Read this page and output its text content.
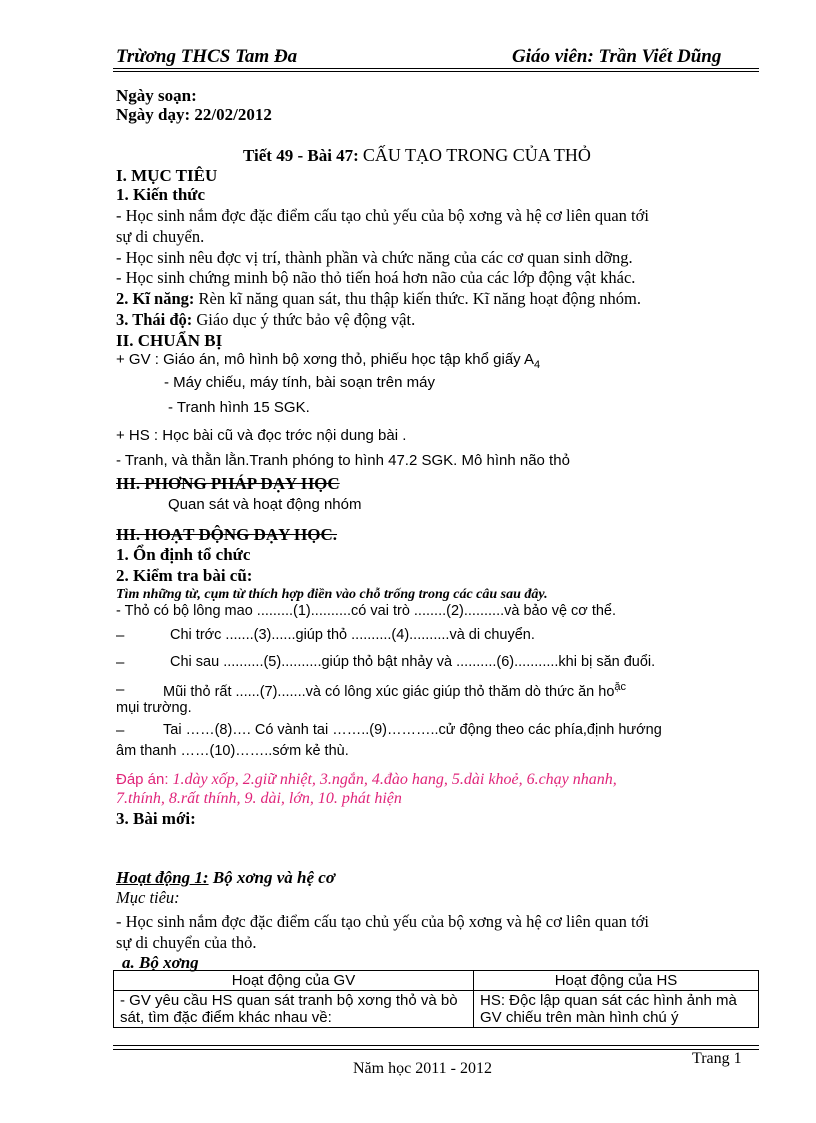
Trừơng THCS Tam Đa	Giáo viên: Trần Viết Dũng
Ngày soạn:
Ngày dạy: 22/02/2012
Tiết 49 - Bài 47: CẤU TẠO TRONG CỦA THỎ
I. MỤC TIÊU
1. Kiến thức
- Học sinh nắm đợc đặc điểm cấu tạo chủ yếu của bộ xơng và hệ cơ liên quan tới
sự di chuyển.
- Học sinh nêu đợc vị trí, thành phần và chức năng của các cơ quan sinh dỡng.
- Học sinh chứng minh bộ não thỏ tiến hoá hơn não của các lớp động vật khác.
2. Kĩ năng: Rèn kĩ năng quan sát, thu thập kiến thức. Kĩ năng hoạt động nhóm.
3. Thái độ: Giáo dục ý thức bảo vệ động vật.
II. CHUẨN BỊ
+ GV : Giáo án, mô hình bộ xơng thỏ, phiếu học tập khổ giấy $A_4$
- Máy chiếu, máy tính, bài soạn trên máy
- Tranh hình 15 SGK.
+ HS : Học bài cũ và đọc trớc nội dung bài .
- Tranh, và thằn lằn.Tranh phóng to hình 47.2 SGK. Mô hình não thỏ
III. PHƠNG PHÁP DẠY HỌC
Quan sát và hoạt động nhóm
III. HOẠT ĐỘNG DẠY HỌC.
1. Ổn định tổ chức
2. Kiểm tra bài cũ:
Tìm những từ, cụm từ thích hợp điền vào chỗ trống trong các câu sau đây.
- Thỏ có bộ lông mao .........(1)..........có vai trò ........(2)..........và bảo vệ cơ thể.
–	Chi trớc .......(3)......giúp thỏ ..........(4)..........và di chuyển.
–	Chi sau ..........(5)..........giúp thỏ bật nhảy và ..........(6)...........khi bị săn đuổi.
–	Mũi thỏ rất ......(7).......và có lông xúc giác giúp thỏ thăm dò thức ăn $ho^{ặc}$
mụi trường.
–	Tai ……(8)…. Có vành tai ……..(9)………..cử động theo các phía,định hướng
âm thanh ……(10)……..sớm kẻ thù.
Đáp án: 1.dày xốp, 2.giữ nhiệt, 3.ngắn, 4.đào hang, 5.dài khoẻ, 6.chạy nhanh,
7.thính, 8.rất thính, 9. dài, lớn, 10. phát hiện
3. Bài mới:
Hoạt động 1: Bộ xơng và hệ cơ
Mục tiêu:
- Học sinh nắm đợc đặc điểm cấu tạo chủ yếu của bộ xơng và hệ cơ liên quan tới
sự di chuyển của thỏ.
a. Bộ xơng
Hoạt động của GV	Hoạt động của HS
- GV yêu cầu HS quan sát tranh bộ xơng thỏ và bò sát, tìm đặc điểm khác nhau về:	HS: Độc lập quan sát các hình ảnh mà GV chiếu trên màn hình chú ý
Trang 1
Năm học 2011 - 2012
